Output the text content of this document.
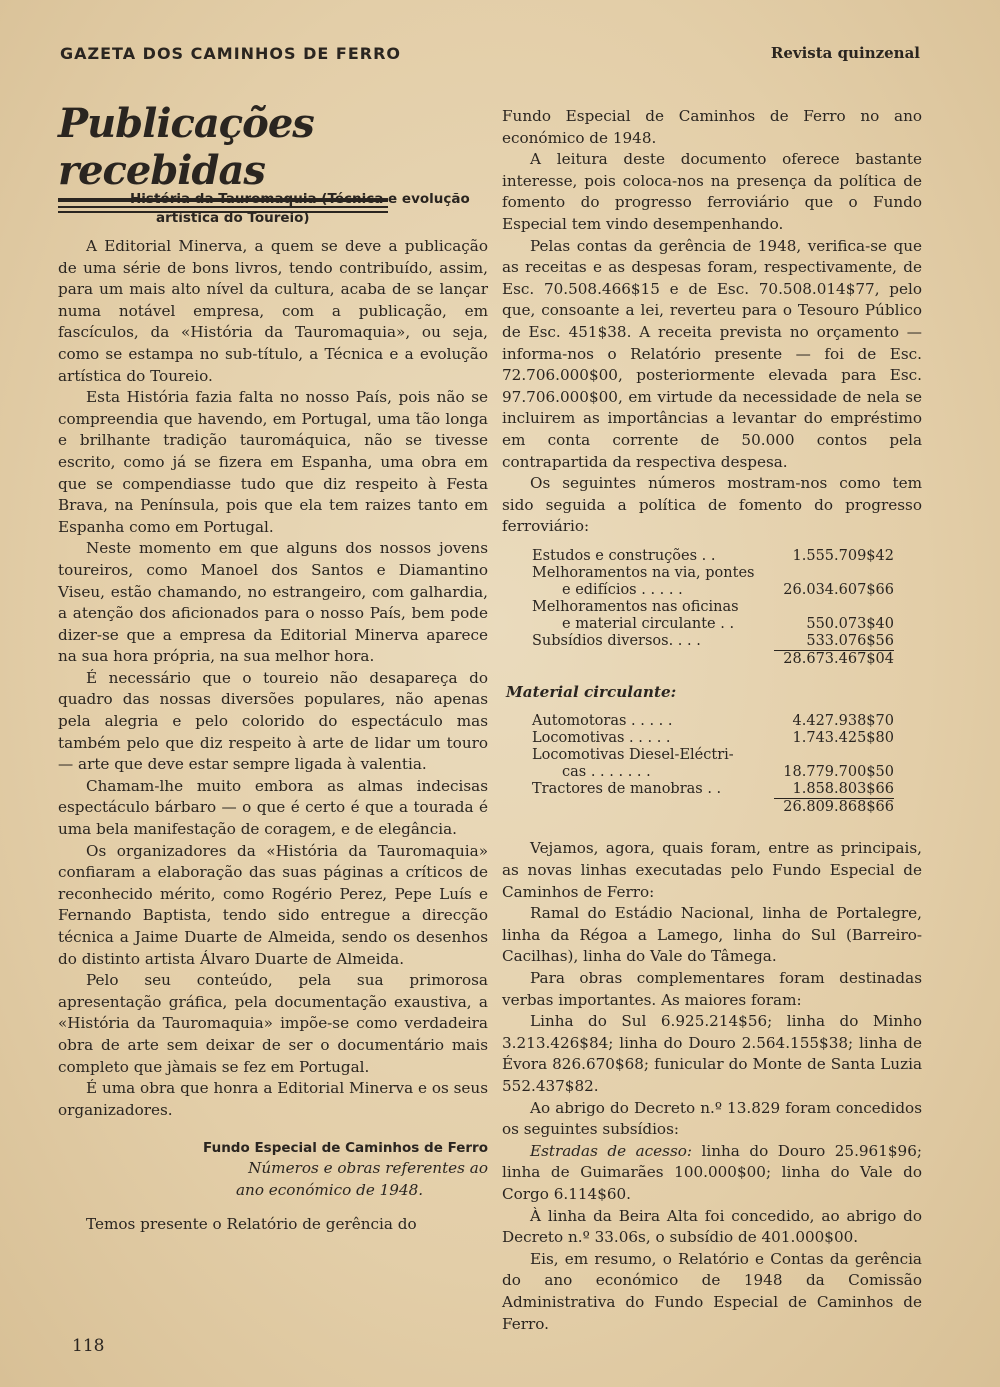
GAZETA DOS CAMINHOS DE FERRO	Revista quinzenal
Publicações recebidas

História da Tauromaquia (Técnica e evolução

artística do Toureio)

A Editorial Minerva, a quem se deve a publicação de uma série de bons livros, tendo contribuído, assim, para um mais alto nível da cultura, acaba de se lançar numa notável empresa, com a publicação, em fascículos, da «História da Tauromaquia», ou seja, como se estampa no sub-título, a Técnica e a evolução artística do Toureio.

Esta História fazia falta no nosso País, pois não se compreendia que havendo, em Portugal, uma tão longa e brilhante tradição tauromáquica, não se tivesse escrito, como já se fizera em Espanha, uma obra em que se compendiasse tudo que diz respeito à Festa Brava, na Península, pois que ela tem raizes tanto em Espanha como em Portugal.

Neste momento em que alguns dos nossos jovens toureiros, como Manoel dos Santos e Diamantino Viseu, estão chamando, no estrangeiro, com galhardia, a atenção dos aficionados para o nosso País, bem pode dizer-se que a empresa da Editorial Minerva aparece na sua hora própria, na sua melhor hora.

É necessário que o toureio não desapareça do quadro das nossas diversões populares, não apenas pela alegria e pelo colorido do espectáculo mas também pelo que diz respeito à arte de lidar um touro — arte que deve estar sempre ligada à valentia.

Chamam-lhe muito embora as almas indecisas espectáculo bárbaro — o que é certo é que a tourada é uma bela manifestação de coragem, e de elegância.

Os organizadores da «História da Tauromaquia» confiaram a elaboração das suas páginas a críticos de reconhecido mérito, como Rogério Perez, Pepe Luís e Fernando Baptista, tendo sido entregue a direcção técnica a Jaime Duarte de Almeida, sendo os desenhos do distinto artista Álvaro Duarte de Almeida.

Pelo seu conteúdo, pela sua primorosa apresentação gráfica, pela documentação exaustiva, a «História da Tauromaquia» impõe-se como verdadeira obra de arte sem deixar de ser o documentário mais completo que jàmais se fez em Portugal.

É uma obra que honra a Editorial Minerva e os seus organizadores.

Fundo Especial de Caminhos de Ferro

Números e obras referentes ao

ano económico de 1948.

Temos presente o Relatório de gerência do

Fundo Especial de Caminhos de Ferro no ano económico de 1948.

A leitura deste documento oferece bastante interesse, pois coloca-nos na presença da política de fomento do progresso ferroviário que o Fundo Especial tem vindo desempenhando.

Pelas contas da gerência de 1948, verifica-se que as receitas e as despesas foram, respectivamente, de Esc. 70.508.466$15 e de Esc. 70.508.014$77, pelo que, consoante a lei, reverteu para o Tesouro Público de Esc. 451$38. A receita prevista no orçamento — informa-nos o Relatório presente — foi de Esc. 72.706.000$00, posteriormente elevada para Esc. 97.706.000$00, em virtude da necessidade de nela se incluirem as importâncias a levantar do empréstimo em conta corrente de 50.000 contos pela contrapartida da respectiva despesa.

Os seguintes números mostram-nos como tem sido seguida a política de fomento do progresso ferroviário:

Estudos e construções . .	1.555.709$42
Melhoramentos na via, pontes
e edifícios . . . . .	26.034.607$66
Melhoramentos nas oficinas
e material circulante . .	550.073$40
Subsídios diversos. . . .	533.076$56
28.673.467$04

Material circulante:

Automotoras . . . . .	4.427.938$70
Locomotivas . . . . .	1.743.425$80
Locomotivas Diesel-Eléctri-
cas . . . . . . .	18.779.700$50
Tractores de manobras . .	1.858.803$66
26.809.868$66

Vejamos, agora, quais foram, entre as principais, as novas linhas executadas pelo Fundo Especial de Caminhos de Ferro:

Ramal do Estádio Nacional, linha de Portalegre, linha da Régoa a Lamego, linha do Sul (Barreiro-Cacilhas), linha do Vale do Tâmega.

Para obras complementares foram destinadas verbas importantes. As maiores foram:

Linha do Sul 6.925.214$56; linha do Minho 3.213.426$84; linha do Douro 2.564.155$38; linha de Évora 826.670$68; funicular do Monte de Santa Luzia 552.437$82.

Ao abrigo do Decreto n.º 13.829 foram concedidos os seguintes subsídios:

Estradas de acesso: linha do Douro 25.961$96; linha de Guimarães 100.000$00; linha do Vale do Corgo 6.114$60.

À linha da Beira Alta foi concedido, ao abrigo do Decreto n.º 33.06s, o subsídio de 401.000$00.

Eis, em resumo, o Relatório e Contas da gerência do ano económico de 1948 da Comissão Administrativa do Fundo Especial de Caminhos de Ferro.

118
